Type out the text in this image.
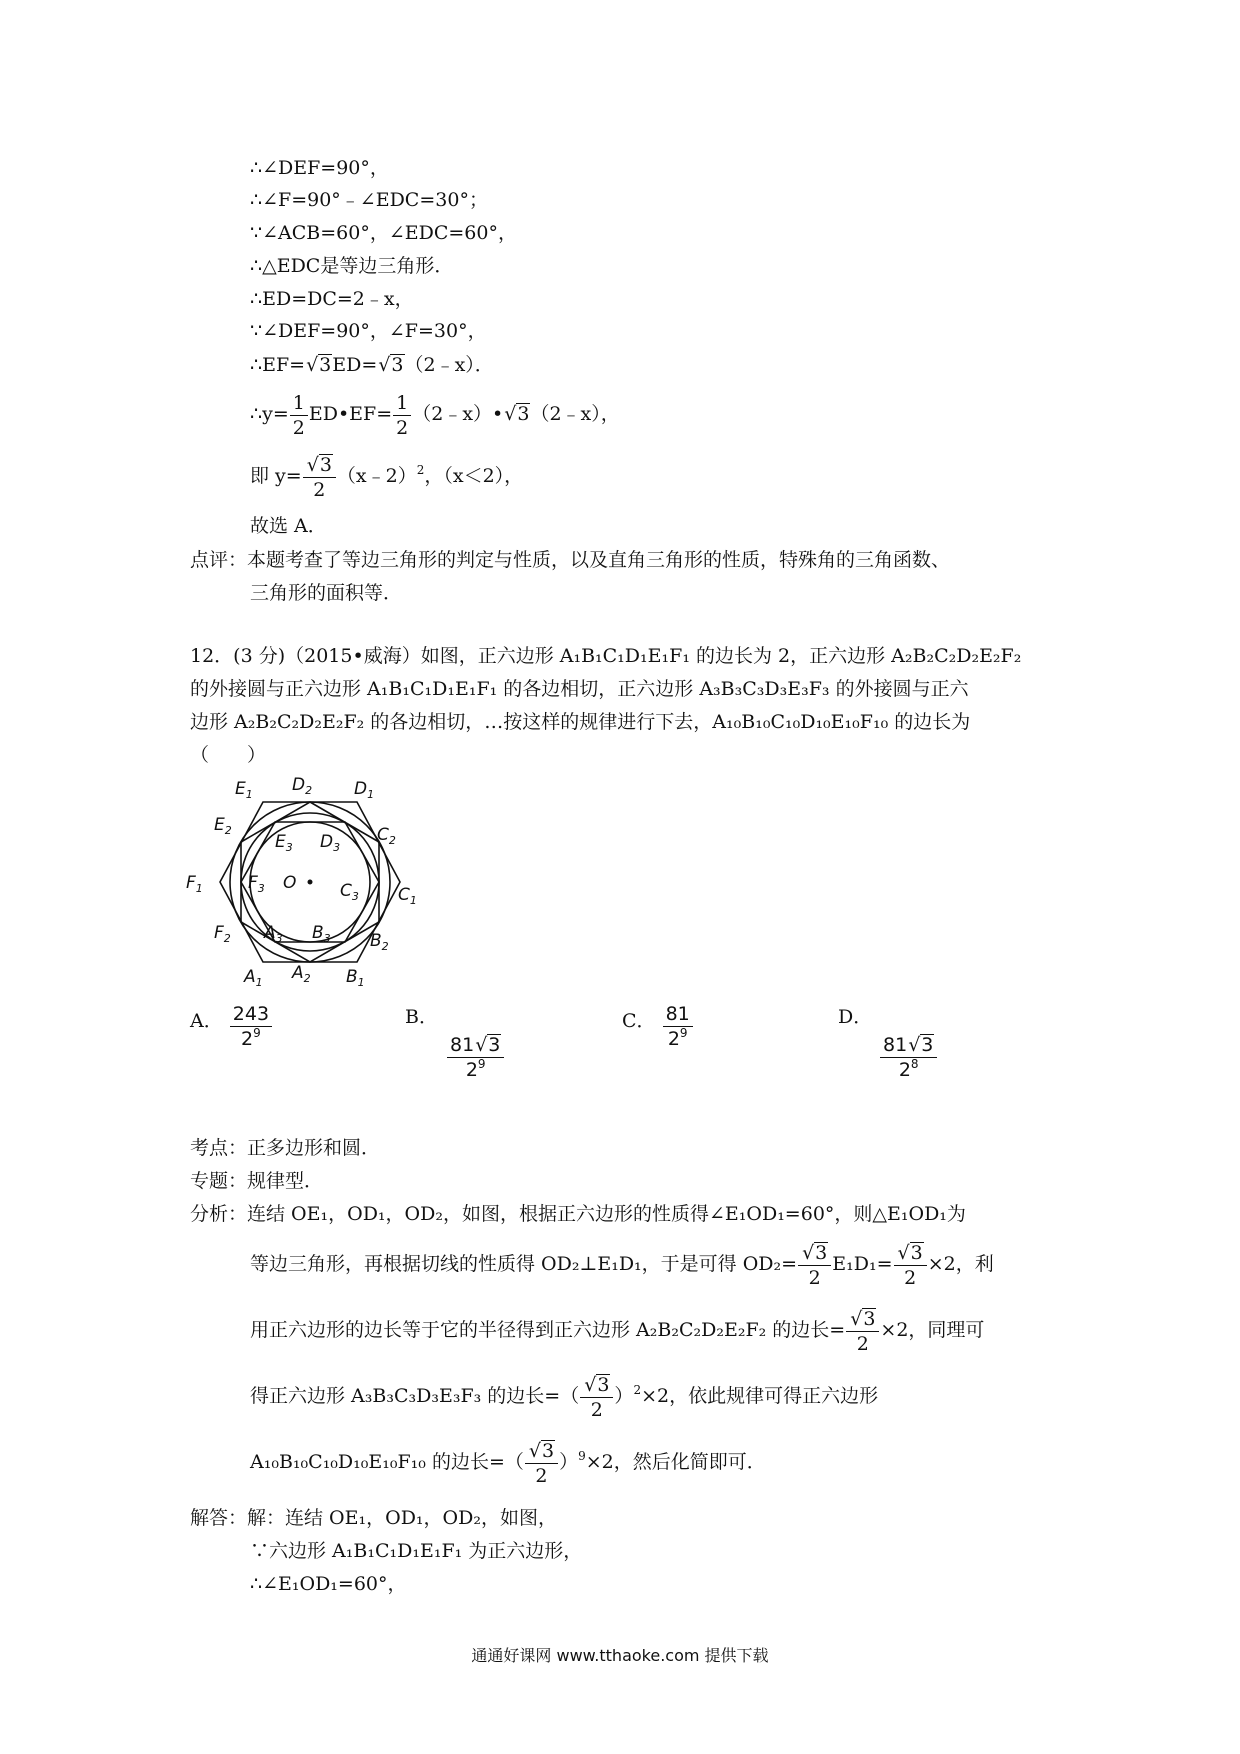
∴∠DEF=90°，
∴∠F=90°﹣∠EDC=30°；
∵∠ACB=60°，∠EDC=60°，
∴△EDC是等边三角形．
∴ED=DC=2﹣x，
∵∠DEF=90°，∠F=30°，
∴EF= √ 3ED= √ 3（2﹣x）．
∴y= $\frac{1}{2}$ ED•EF= $\frac{1}{2}$ （2﹣x）• √ 3（2﹣x），
即 y= √ $\frac{3}{2}$ （x﹣2）$^2$，（x＜2），
故选 A．
点评：本题考查了等边三角形的判定与性质，以及直角三角形的性质，特殊角的三角函数、
三角形的面积等．
12．(3 分)（2015•威海）如图，正六边形 A₁B₁C₁D₁E₁F₁ 的边长为 2，正六边形 A₂B₂C₂D₂E₂F₂
的外接圆与正六边形 A₁B₁C₁D₁E₁F₁ 的各边相切，正六边形 A₃B₃C₃D₃E₃F₃ 的外接圆与正六
边形 A₂B₂C₂D₂E₂F₂ 的各边相切，…按这样的规律进行下去，A₁₀B₁₀C₁₀D₁₀E₁₀F₁₀ 的边长为
（　　）
$E_1$ $D_2$ $D_1$
$E_2$
$E_3$ $D_3$
$C_2$
$F_1$	$F_3$ O	$C_3$ $C_1$
$F_2$ $A_3$ $B_3$ $B_2$
$A_1$ $A_2$ $B_1$
A． $\frac{243}{2^9}$	B．

$\frac{81 √ 3}{2^9}$
C． $\frac{81}{2^9}$	D．

$\frac{81 √ 3}{2^8}$
考点：正多边形和圆．
专题：规律型．
分析：连结 OE₁，OD₁，OD₂，如图，根据正六边形的性质得∠E₁OD₁=60°，则△E₁OD₁为
等边三角形，再根据切线的性质得 OD₂⊥E₁D₁，于是可得 OD₂= √ $\frac{3}{2} E_1D_1=$ √ $\frac{3}{2} \times 2$，利
用正六边形的边长等于它的半径得到正六边形 A₂B₂C₂D₂E₂F₂ 的边长= √ $\frac{3}{2} \times 2$，同理可
得正六边形 A₃B₃C₃D₃E₃F₃ 的边长=（ √ $\frac{3}{2} )^2\times 2$，依此规律可得正六边形
A₁₀B₁₀C₁₀D₁₀E₁₀F₁₀ 的边长=（ √ $\frac{3}{2} )^9\times 2$，然后化简即可．
解答：解：连结 OE₁，OD₁，OD₂，如图，
∵六边形 A₁B₁C₁D₁E₁F₁ 为正六边形，
∴∠E₁OD₁=60°，
通通好课网 www.tthaoke.com 提供下载
